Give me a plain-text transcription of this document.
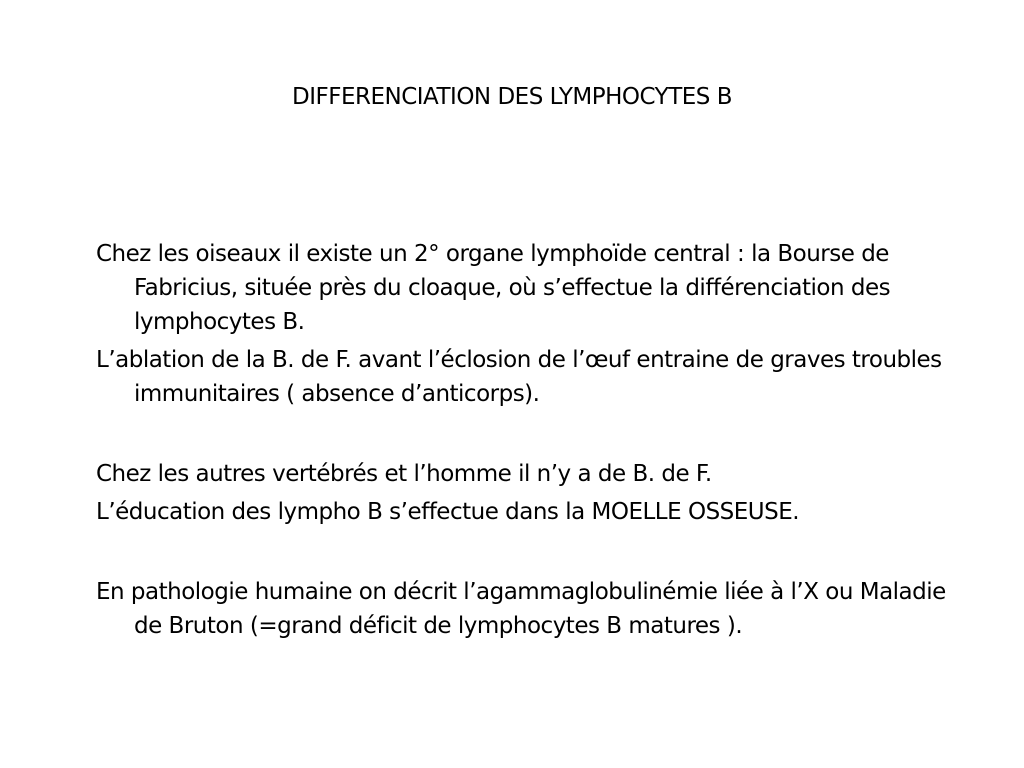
DIFFERENCIATION DES LYMPHOCYTES B

Chez les oiseaux il existe un 2° organe lymphoïde central : la Bourse de Fabricius, située près du cloaque, où s’effectue la différenciation des lymphocytes B.

L’ablation de la B. de F. avant l’éclosion de l’œuf entraine de graves troubles immunitaires ( absence d’anticorps).

Chez les autres vertébrés et l’homme il n’y a de B. de F.

L’éducation des lympho B s’effectue dans la MOELLE OSSEUSE.

En pathologie humaine on décrit l’agammaglobulinémie liée à l’X ou Maladie de Bruton (=grand déficit de lymphocytes B matures ).
